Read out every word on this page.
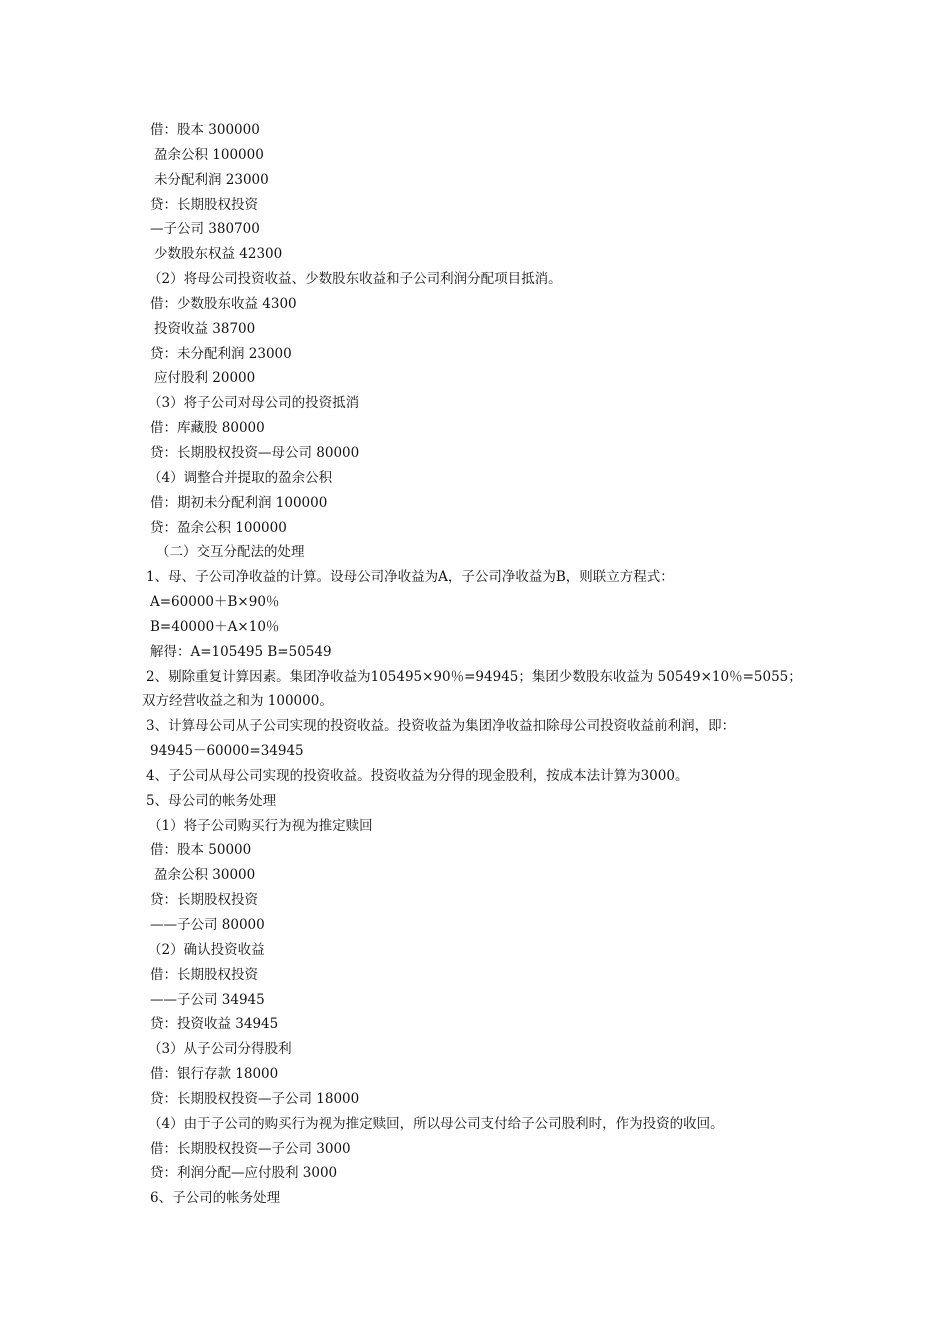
借：股本 300000
盈余公积 100000
未分配利润 23000
贷：长期股权投资
—子公司 380700
少数股东权益 42300
（2）将母公司投资收益、少数股东收益和子公司利润分配项目抵消。
借：少数股东收益 4300
投资收益 38700
贷：未分配利润 23000
应付股利 20000
（3）将子公司对母公司的投资抵消
借：库藏股 80000
贷：长期股权投资—母公司 80000
（4）调整合并提取的盈余公积
借：期初未分配利润 100000
贷：盈余公积 100000
（二）交互分配法的处理
1、母、子公司净收益的计算。设母公司净收益为A，子公司净收益为B，则联立方程式：
A=60000＋B×90％
B=40000＋A×10％
解得：A=105495 B=50549
2、剔除重复计算因素。集团净收益为105495×90％=94945；集团少数股东收益为 50549×10％=5055；
双方经营收益之和为 100000。
3、计算母公司从子公司实现的投资收益。投资收益为集团净收益扣除母公司投资收益前利润，即：
94945－60000=34945
4、子公司从母公司实现的投资收益。投资收益为分得的现金股利，按成本法计算为3000。
5、母公司的帐务处理
（1）将子公司购买行为视为推定赎回
借：股本 50000
盈余公积 30000
贷：长期股权投资
——子公司 80000
（2）确认投资收益
借：长期股权投资
——子公司 34945
贷：投资收益 34945
（3）从子公司分得股利
借：银行存款 18000
贷：长期股权投资—子公司 18000
（4）由于子公司的购买行为视为推定赎回，所以母公司支付给子公司股利时，作为投资的收回。
借：长期股权投资—子公司 3000
贷：利润分配—应付股利 3000
6、子公司的帐务处理
